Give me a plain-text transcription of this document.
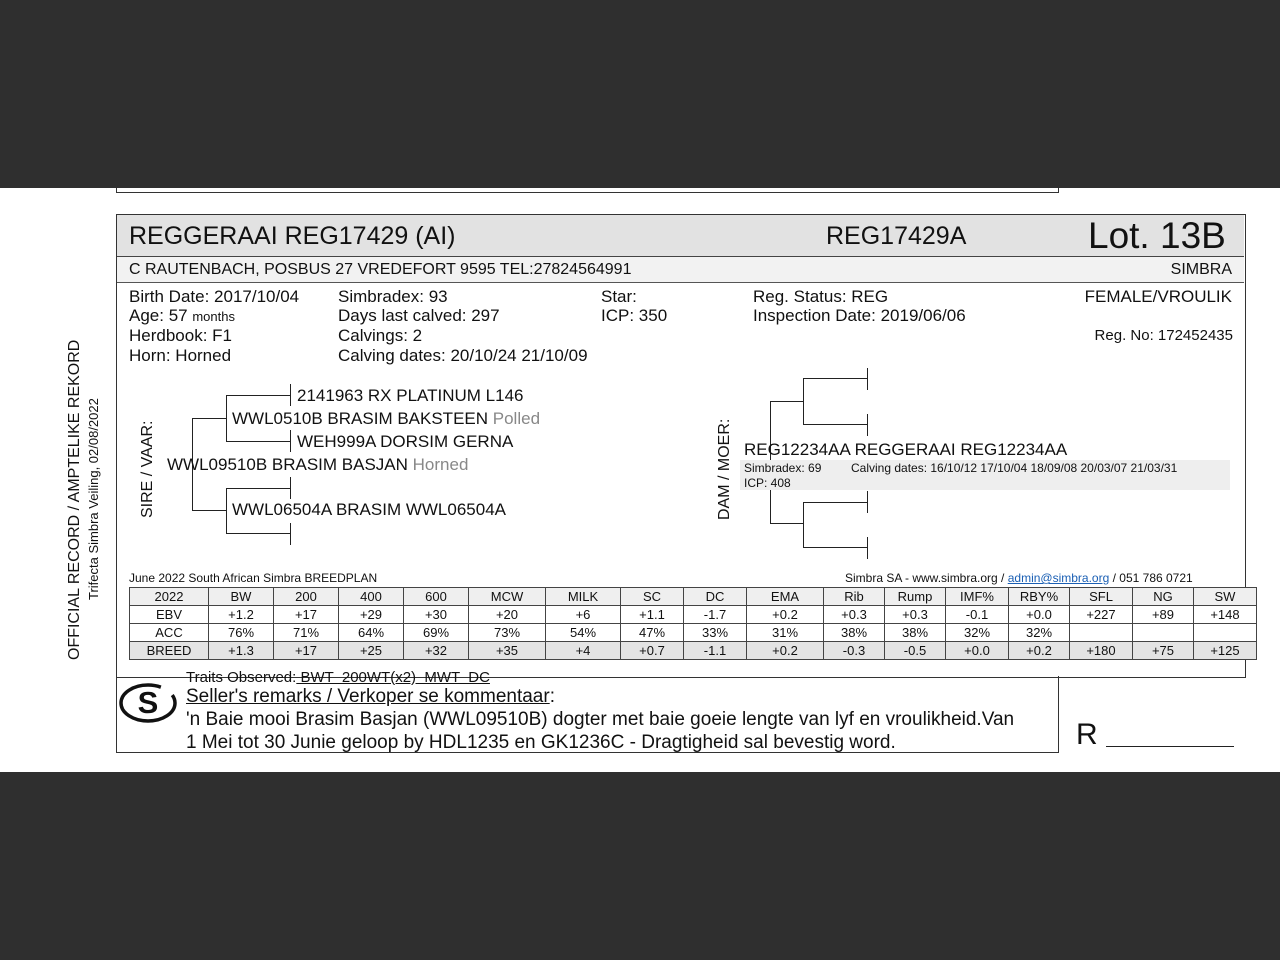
OFFICIAL RECORD / AMPTELIKE REKORD Trifecta Simbra Veiling, 02/08/2022
REGGERAAI REG17429 (AI)	REG17429A	Lot. 13B
C RAUTENBACH, POSBUS 27 VREDEFORT 9595 TEL:27824564991	SIMBRA
Birth Date: 2017/10/04
Age: 57 months
Herdbook: F1
Horn: Horned
Simbradex: 93
Days last calved: 297
Calvings: 2
Calving dates: 20/10/24 21/10/09
Star:
ICP: 350
Reg. Status: REG
Inspection Date: 2019/06/06
FEMALE/VROULIK
Reg. No: 172452435
SIRE / VAAR:	DAM / MOER:
2141963 RX PLATINUM L146
WWL0510B BRASIM BAKSTEEN Polled
WEH999A DORSIM GERNA
WWL09510B BRASIM BASJAN Horned
WWL06504A BRASIM WWL06504A
REG12234AA REGGERAAI REG12234AA
Simbradex: 69 Calving dates: 16/10/12 17/10/04 18/09/08 20/03/07 21/03/31
ICP: 408
June 2022 South African Simbra BREEDPLAN	Simbra SA - www.simbra.org / admin@simbra.org / 051 786 0721
2022	BW	200	400	600	MCW	MILK	SC	DC	EMA	Rib	Rump	IMF%	RBY%	SFL	NG	SW
EBV	+1.2	+17	+29	+30	+20	+6	+1.1	-1.7	+0.2	+0.3	+0.3	-0.1	+0.0	+227	+89	+148
ACC	76%	71%	64%	69%	73%	54%	47%	33%	31%	38%	38%	32%	32%			
BREED	+1.3	+17	+25	+32	+35	+4	+0.7	-1.1	+0.2	-0.3	-0.5	+0.0	+0.2	+180	+75	+125
S
Traits Observed: BWT  200WT(x2)  MWT  DC
Seller's remarks / Verkoper se kommentaar:
'n Baie mooi Brasim Basjan (WWL09510B) dogter met baie goeie lengte van lyf en vroulikheid.Van
1 Mei tot 30 Junie geloop by HDL1235 en GK1236C - Dragtigheid sal bevestig word.	R
